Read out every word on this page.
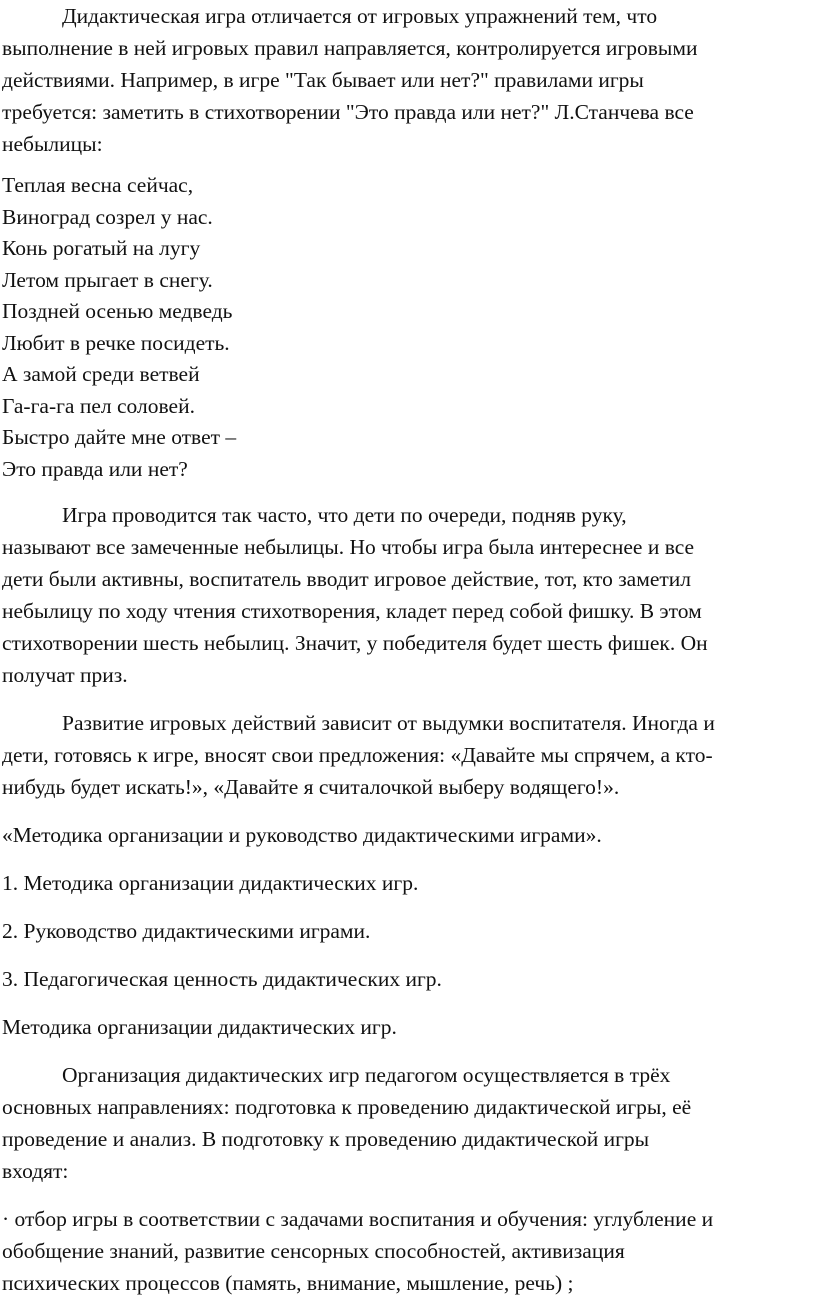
Дидактическая игра отличается от игровых упражнений тем, что

выполнение в ней игровых правил направляется, контролируется игровыми

действиями. Например, в игре "Так бывает или нет?" правилами игры

требуется: заметить в стихотворении "Это правда или нет?" Л.Станчева все

небылицы:

Теплая весна сейчас,

Виноград созрел у нас.

Конь рогатый на лугу

Летом прыгает в снегу.

Поздней осенью медведь

Любит в речке посидеть.

А замой среди ветвей

Га-га-га пел соловей.

Быстро дайте мне ответ –

Это правда или нет?

Игра проводится так часто, что дети по очереди, подняв руку,

называют все замеченные небылицы. Но чтобы игра была интереснее и все

дети были активны, воспитатель вводит игровое действие, тот, кто заметил

небылицу по ходу чтения стихотворения, кладет перед собой фишку. В этом

стихотворении шесть небылиц. Значит, у победителя будет шесть фишек. Он

получат приз.

Развитие игровых действий зависит от выдумки воспитателя. Иногда и

дети, готовясь к игре, вносят свои предложения: «Давайте мы спрячем, а кто-

нибудь будет искать!», «Давайте я считалочкой выберу водящего!».

«Методика организации и руководство дидактическими играми».

1. Методика организации дидактических игр.

2. Руководство дидактическими играми.

3. Педагогическая ценность дидактических игр.

Методика организации дидактических игр.

Организация дидактических игр педагогом осуществляется в трёх

основных направлениях: подготовка к проведению дидактической игры, её

проведение и анализ. В подготовку к проведению дидактической игры

входят:

· отбор игры в соответствии с задачами воспитания и обучения: углубление и

обобщение знаний, развитие сенсорных способностей, активизация

психических процессов (память, внимание, мышление, речь) ;
